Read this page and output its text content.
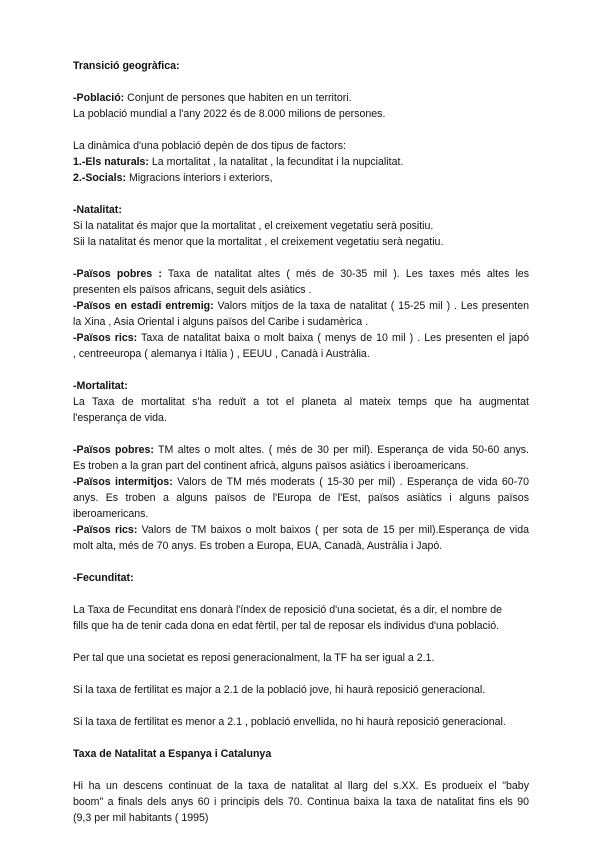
Transició geogràfica:
-Població: Conjunt de persones que habiten en un territori.
La població mundial a l'any 2022 és de 8.000 milions de persones.
La dinàmica d'una població depèn de dos tipus de factors:
1.-Els naturals: La mortalitat , la natalitat , la fecunditat i la nupcialitat.
2.-Socials: Migracions interiors i exteriors,
-Natalitat:
Si la natalitat és major que la mortalitat , el creixement vegetatiu serà positiu.
Sii la natalitat és menor que la mortalitat , el creixement vegetatiu serà negatiu.
-Països pobres : Taxa de natalitat altes ( més de 30-35 mil ). Les taxes més altes les
presenten els països africans, seguit dels asiàtics .
-Països en estadi entremig: Valors mitjos de la taxa de natalitat ( 15-25 mil ) . Les presenten
la Xina , Asia Oriental i alguns països del Caribe i sudamèrica .
-Països rics: Taxa de natalitat baixa o molt baixa ( menys de 10 mil ) . Les presenten el japó
, centreeuropa ( alemanya i Itàlia ) , EEUU , Canadà i Austràlia.
-Mortalitat:
La Taxa de mortalitat s'ha reduït a tot el planeta al mateix temps que ha augmentat
l'esperança de vida.
-Països pobres: TM altes o molt altes. ( més de 30 per mil). Esperança de vida 50-60 anys.
Es troben a la gran part del continent africà, alguns països asiàtics i iberoamericans.
-Països intermitjos: Valors de TM més moderats ( 15-30 per mil) . Esperança de vida 60-70
anys. Es troben a alguns països de l'Europa de l'Est, països asiàtics i alguns països
iberoamericans.
-Països rics: Valors de TM baixos o molt baixos ( per sota de 15 per mil).Esperança de vida
molt alta, més de 70 anys. Es troben a Europa, EUA, Canadà, Austràlia i Japó.
-Fecunditat:
La Taxa de Fecunditat ens donarà l'índex de reposició d'una societat, és a dir, el nombre de
fills que ha de tenir cada dona en edat fèrtil, per tal de reposar els individus d'una població.
Per tal que una societat es reposi generacionalment, la TF ha ser igual a 2.1.
Si la taxa de fertilitat es major a 2.1 de la població jove, hi haurà reposició generacional.
Si la taxa de fertilitat es menor a 2.1 , població envellida, no hi haurà reposició generacional.
Taxa de Natalitat a Espanya i Catalunya
Hi ha un descens continuat de la taxa de natalitat al llarg del s.XX. Es produeix el "baby
boom" a finals dels anys 60 i principis dels 70. Continua baixa la taxa de natalitat fins els 90
(9,3 per mil habitants ( 1995)
